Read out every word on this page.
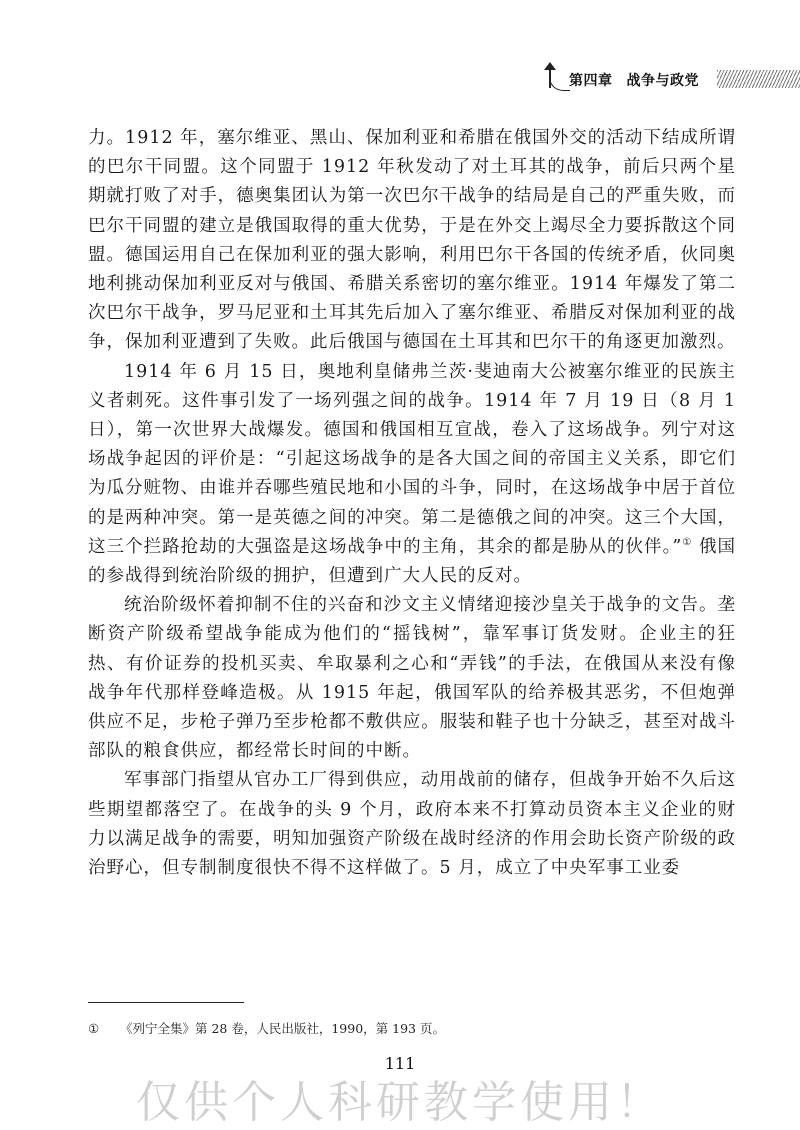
第四章 战争与政党

力。1912 年，塞尔维亚、黑山、保加利亚和希腊在俄国外交的活动下结成所谓的巴尔干同盟。这个同盟于 1912 年秋发动了对土耳其的战争，前后只两个星期就打败了对手，德奥集团认为第一次巴尔干战争的结局是自己的严重失败，而巴尔干同盟的建立是俄国取得的重大优势，于是在外交上竭尽全力要拆散这个同盟。德国运用自己在保加利亚的强大影响，利用巴尔干各国的传统矛盾，伙同奥地利挑动保加利亚反对与俄国、希腊关系密切的塞尔维亚。1914 年爆发了第二次巴尔干战争，罗马尼亚和土耳其先后加入了塞尔维亚、希腊反对保加利亚的战争，保加利亚遭到了失败。此后俄国与德国在土耳其和巴尔干的角逐更加激烈。

1914 年 6 月 15 日，奥地利皇储弗兰茨·斐迪南大公被塞尔维亚的民族主义者刺死。这件事引发了一场列强之间的战争。1914 年 7 月 19 日（8 月 1 日），第一次世界大战爆发。德国和俄国相互宣战，卷入了这场战争。列宁对这场战争起因的评价是：“引起这场战争的是各大国之间的帝国主义关系，即它们为瓜分赃物、由谁并吞哪些殖民地和小国的斗争，同时，在这场战争中居于首位的是两种冲突。第一是英德之间的冲突。第二是德俄之间的冲突。这三个大国，这三个拦路抢劫的大强盗是这场战争中的主角，其余的都是胁从的伙伴。”① 俄国的参战得到统治阶级的拥护，但遭到广大人民的反对。

统治阶级怀着抑制不住的兴奋和沙文主义情绪迎接沙皇关于战争的文告。垄断资产阶级希望战争能成为他们的“摇钱树”，靠军事订货发财。企业主的狂热、有价证券的投机买卖、牟取暴利之心和“弄钱”的手法，在俄国从来没有像战争年代那样登峰造极。从 1915 年起，俄国军队的给养极其恶劣，不但炮弹供应不足，步枪子弹乃至步枪都不敷供应。服装和鞋子也十分缺乏，甚至对战斗部队的粮食供应，都经常长时间的中断。

军事部门指望从官办工厂得到供应，动用战前的储存，但战争开始不久后这些期望都落空了。在战争的头 9 个月，政府本来不打算动员资本主义企业的财力以满足战争的需要，明知加强资产阶级在战时经济的作用会助长资产阶级的政治野心，但专制制度很快不得不这样做了。5 月，成立了中央军事工业委

① 《列宁全集》第 28 卷，人民出版社，1990，第 193 页。
111
仅供个人科研教学使用！
